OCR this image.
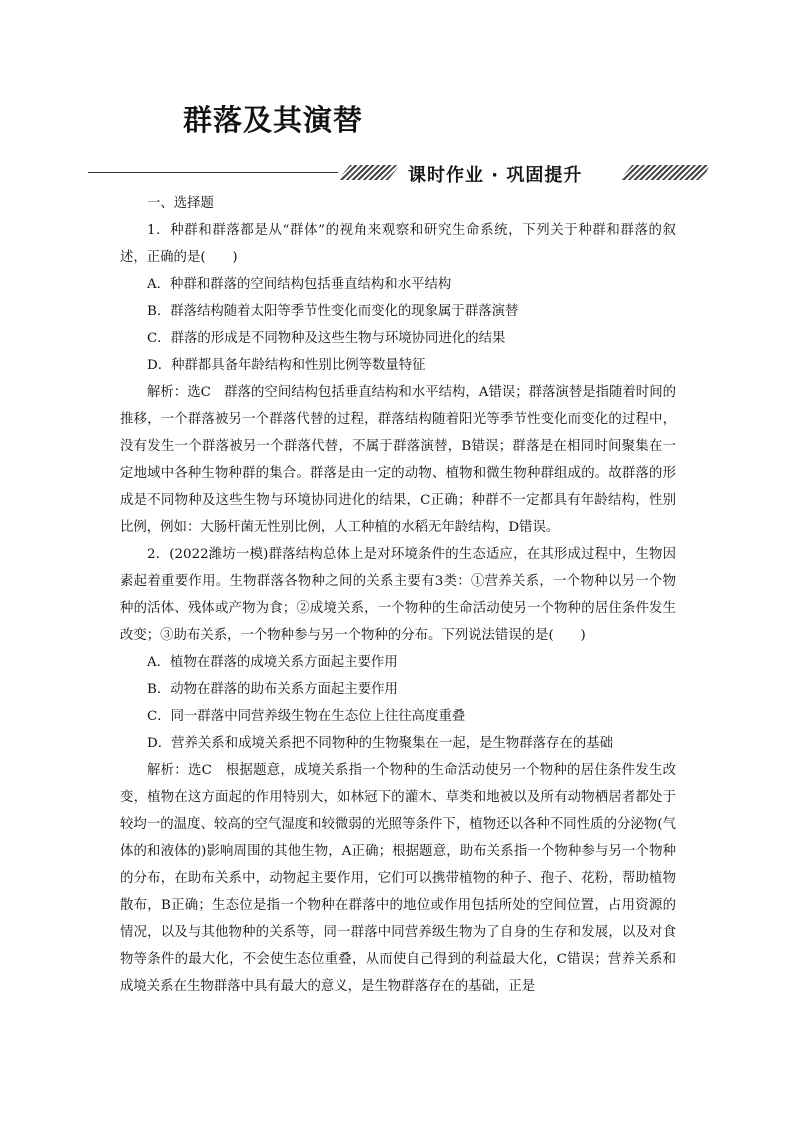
群落及其演替
课时作业 · 巩固提升

一、选择题

1．种群和群落都是从“群体”的视角来观察和研究生命系统，下列关于种群和群落的叙述，正确的是(　　)

A．种群和群落的空间结构包括垂直结构和水平结构

B．群落结构随着太阳等季节性变化而变化的现象属于群落演替

C．群落的形成是不同物种及这些生物与环境协同进化的结果

D．种群都具备年龄结构和性别比例等数量特征

解析：选C　群落的空间结构包括垂直结构和水平结构，A错误；群落演替是指随着时间的推移，一个群落被另一个群落代替的过程，群落结构随着阳光等季节性变化而变化的过程中，没有发生一个群落被另一个群落代替，不属于群落演替，B错误；群落是在相同时间聚集在一定地域中各种生物种群的集合。群落是由一定的动物、植物和微生物种群组成的。故群落的形成是不同物种及这些生物与环境协同进化的结果，C正确；种群不一定都具有年龄结构，性别比例，例如：大肠杆菌无性别比例，人工种植的水稻无年龄结构，D错误。

2．(2022潍坊一模)群落结构总体上是对环境条件的生态适应，在其形成过程中，生物因素起着重要作用。生物群落各物种之间的关系主要有3类：①营养关系，一个物种以另一个物种的活体、残体或产物为食；②成境关系，一个物种的生命活动使另一个物种的居住条件发生改变；③助布关系，一个物种参与另一个物种的分布。下列说法错误的是(　　)

A．植物在群落的成境关系方面起主要作用

B．动物在群落的助布关系方面起主要作用

C．同一群落中同营养级生物在生态位上往往高度重叠

D．营养关系和成境关系把不同物种的生物聚集在一起，是生物群落存在的基础

解析：选C　根据题意，成境关系指一个物种的生命活动使另一个物种的居住条件发生改变，植物在这方面起的作用特别大，如林冠下的灌木、草类和地被以及所有动物栖居者都处于较均一的温度、较高的空气湿度和较微弱的光照等条件下，植物还以各种不同性质的分泌物(气体的和液体的)影响周围的其他生物，A正确；根据题意，助布关系指一个物种参与另一个物种的分布，在助布关系中，动物起主要作用，它们可以携带植物的种子、孢子、花粉，帮助植物散布，B正确；生态位是指一个物种在群落中的地位或作用包括所处的空间位置，占用资源的情况，以及与其他物种的关系等，同一群落中同营养级生物为了自身的生存和发展，以及对食物等条件的最大化，不会使生态位重叠，从而使自己得到的利益最大化，C错误；营养关系和成境关系在生物群落中具有最大的意义，是生物群落存在的基础，正是
